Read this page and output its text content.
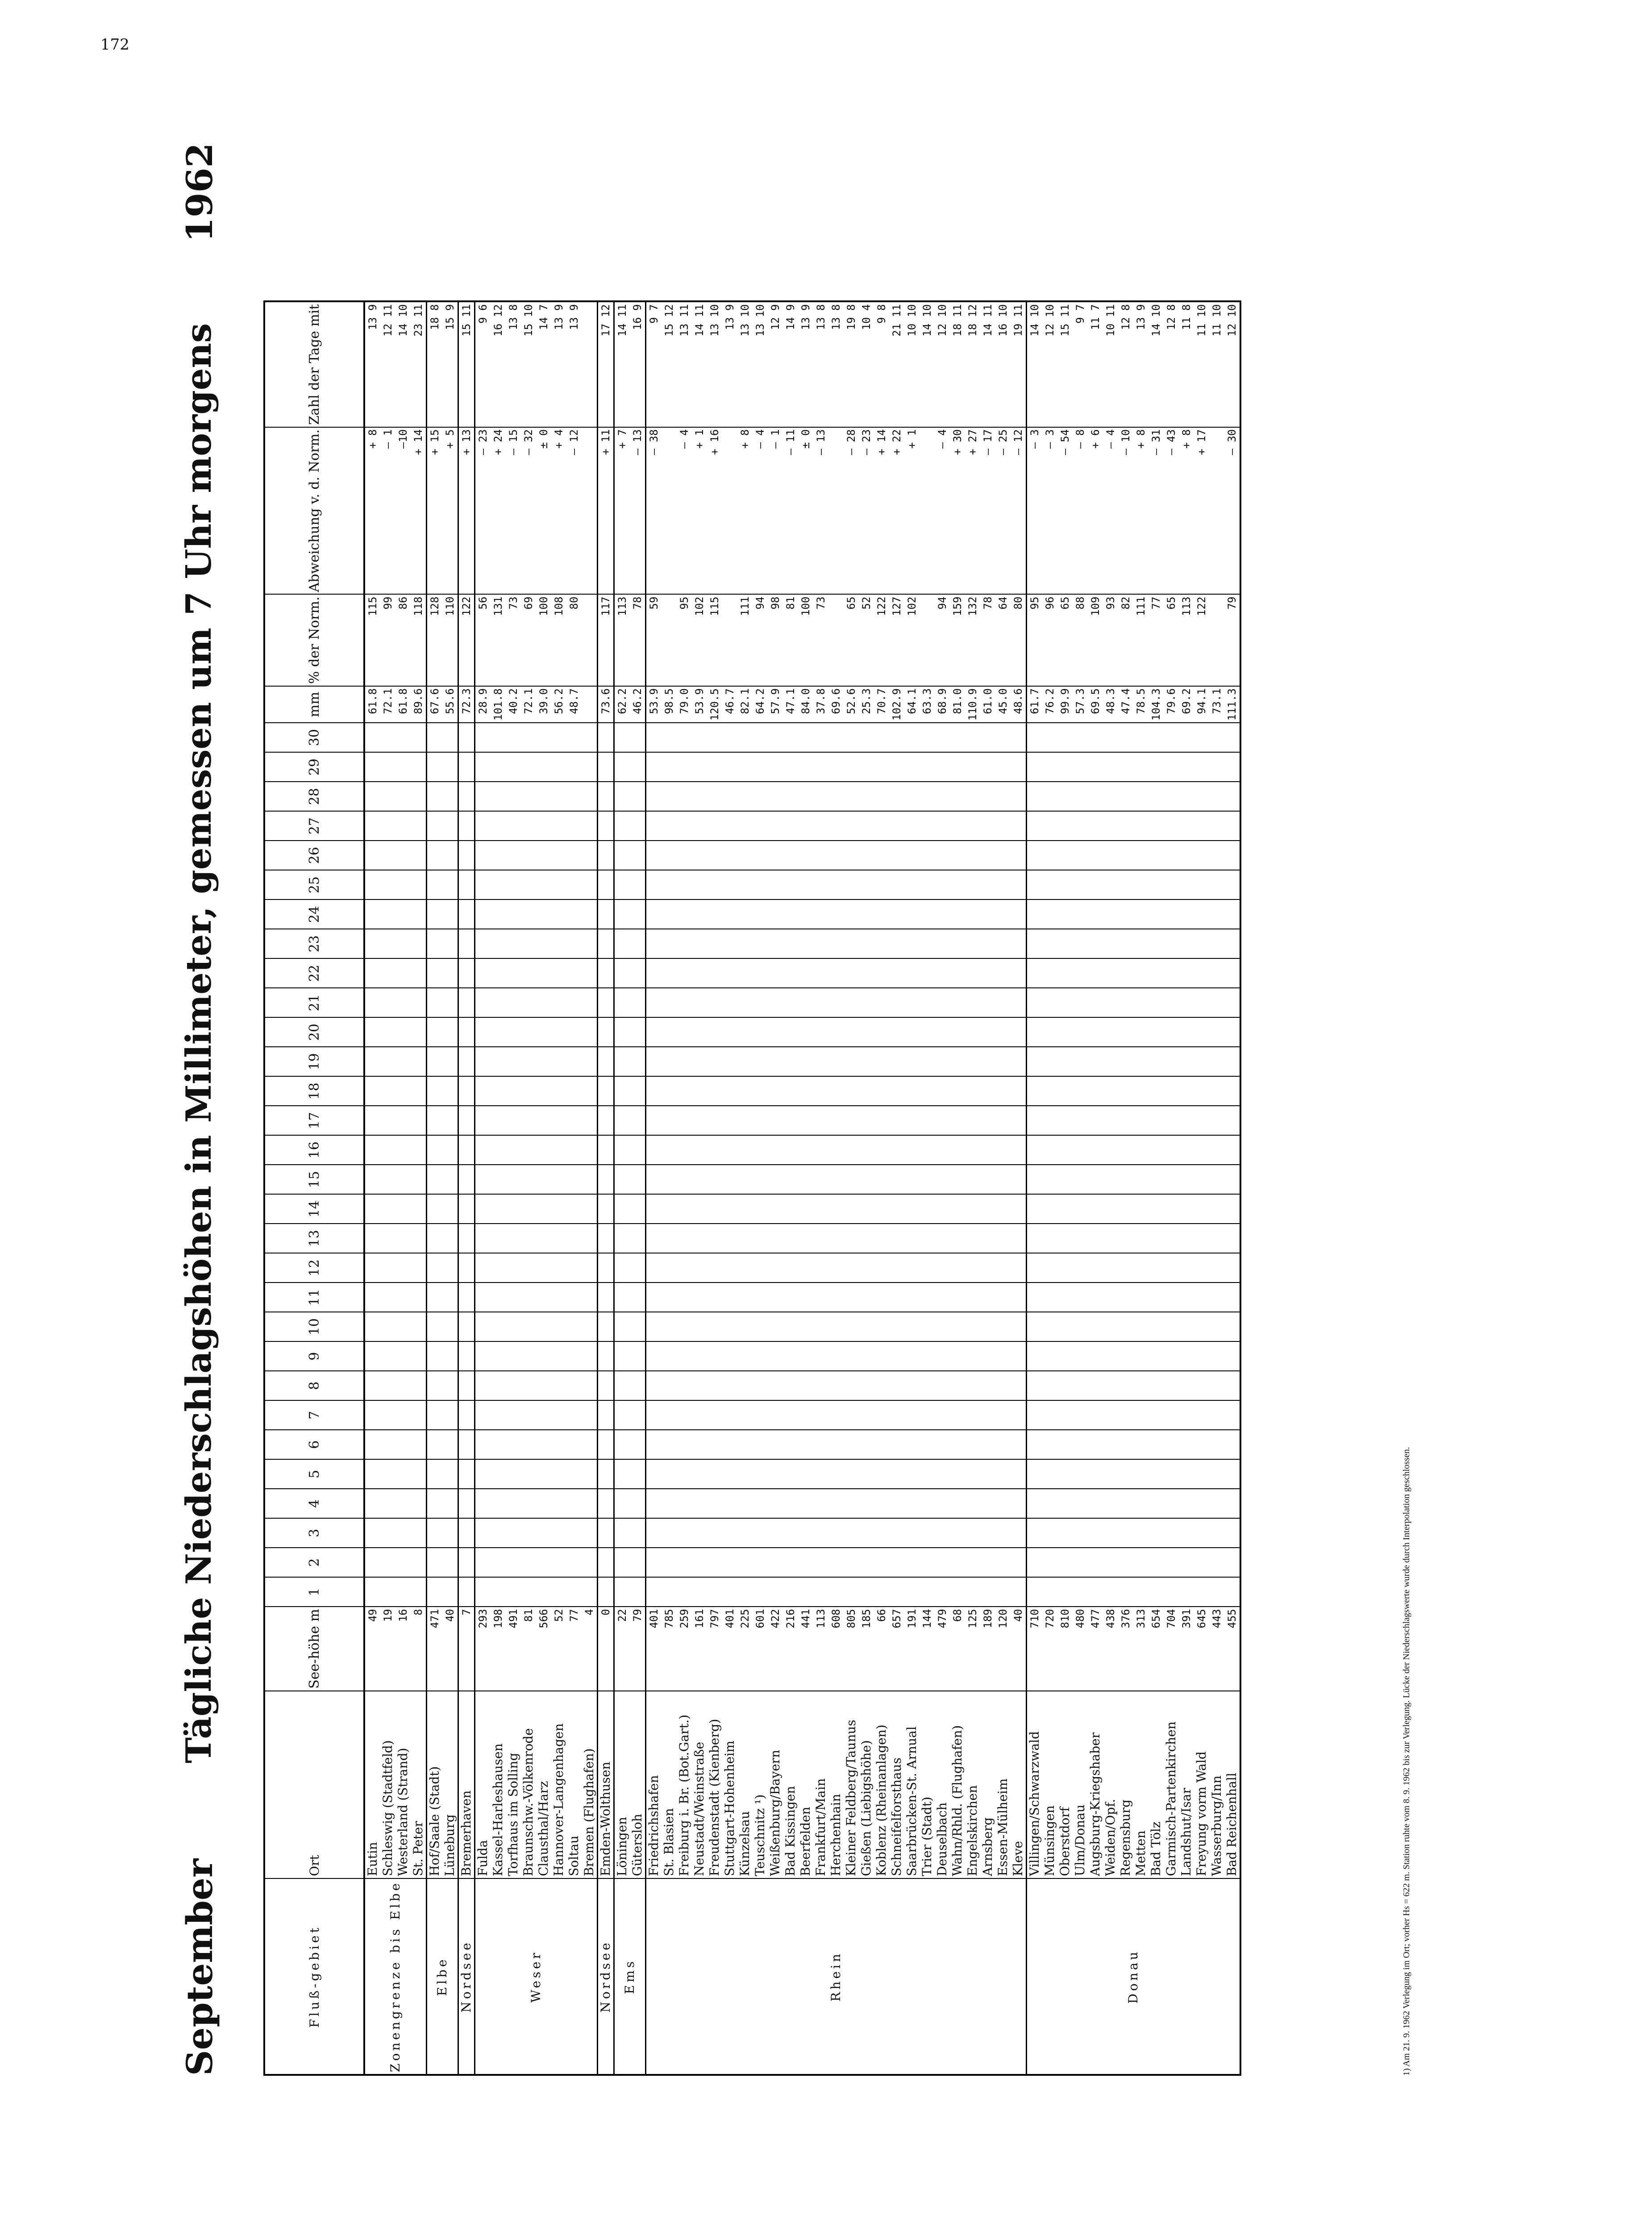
172
September
Tägliche Niederschlagshöhen in Millimeter, gemessen um 7 Uhr morgens
1962
Fluß-gebiet	Ort	See-höhe m	1	2	3	4	5	6	7	8	9	10	11	12	13	14	15	16	17	18	19	20	21	22	23	24	25	26	27	28	29	30	mm	% der Norm.	Abweichung v. d. Norm.	Zahl der Tage mit
Zonengrenze bis Elbe	Eutin	49																															61.8	115	+ 8	13 9
	Schleswig (Stadtfeld)	19																															72.1	99	– 1	12 11
	Westerland (Strand)	16																															61.8	86	–10	14 10
	St. Peter	8																															89.6	118	+ 14	23 11
Elbe	Hof/Saale (Stadt)	471																															67.6	128	+ 15	18 8
	Lüneburg	40																															55.6	110	+ 5	15 9
Nordsee	Bremerhaven	7																															72.3	122	+ 13	15 11
Weser	Fulda	293																															28.9	56	– 23	9 6
	Kassel-Harleshausen	198																															101.8	131	+ 24	16 12
	Torfhaus im Solling	491																															40.2	73	– 15	13 8
	Braunschw.-Völkenrode	81																															72.1	69	– 32	15 10
	Clausthal/Harz	566																															39.0	100	± 0	14 7
	Hannover-Langenhagen	52																															56.2	108	+ 4	13 9
	Soltau	77																															48.7	80	– 12	13 9
	Bremen (Flughafen)	4																																		
Nordsee	Emden-Wolthusen	0																															73.6	117	+ 11	17 12
Ems	Löningen	22																															62.2	113	+ 7	14 11
	Gütersloh	79																															46.2	78	– 13	16 9
Rhein	Friedrichshafen	401																															53.9	59	– 38	9 7
	St. Blasien	785																															98.5			15 12
	Freiburg i. Br. (Bot.Gart.)	259																															79.0	95	– 4	13 11
	Neustadt/Weinstraße	161																															53.9	102	+ 1	14 11
	Freudenstadt (Kienberg)	797																															120.5	115	+ 16	13 10
	Stuttgart-Hohenheim	401																															46.7			13 9
	Künzelsau	225																															82.1	111	+ 8	13 10
	Teuschnitz ¹)	601																															64.2	94	– 4	13 10
	Weißenburg/Bayern	422																															57.9	98	– 1	12 9
	Bad Kissingen	216																															47.1	81	– 11	14 9
	Beerfelden	441																															84.0	100	± 0	13 9
	Frankfurt/Main	113																															37.8	73	– 13	13 8
	Herchenhain	608																															69.6			13 8
	Kleiner Feldberg/Taunus	805																															52.6	65	– 28	19 8
	Gießen (Liebigshöhe)	185																															25.3	52	– 23	10 4
	Koblenz (Rheinanlagen)	66																															70.7	122	+ 14	9 8
	Schneifelforsthaus	657																															102.9	127	+ 22	21 11
	Saarbrücken-St. Arnual	191																															64.1	102	+ 1	10 10
	Trier (Stadt)	144																															63.3			14 10
	Deuselbach	479																															68.9	94	– 4	12 10
	Wahn/Rhld. (Flughafen)	68																															81.0	159	+ 30	18 11
	Engelskirchen	125																															110.9	132	+ 27	18 12
	Arnsberg	189																															61.0	78	– 17	14 11
	Essen-Mülheim	120																															45.0	64	– 25	16 10
	Kleve	40																															48.6	80	– 12	19 11
Donau	Villingen/Schwarzwald	710																															61.7	95	– 3	14 10
	Münsingen	720																															76.2	96	– 3	12 10
	Oberstdorf	810																															99.9	65	– 54	15 11
	Ulm/Donau	480																															57.3	88	– 8	9 7
	Augsburg-Kriegshaber	477																															69.5	109	+ 6	11 7
	Weiden/Opf.	438																															48.3	93	– 4	10 11
	Regensburg	376																															47.4	82	– 10	12 8
	Metten	313																															78.5	111	+ 8	13 9
	Bad Tölz	654																															104.3	77	– 31	14 10
	Garmisch-Partenkirchen	704																															79.6	65	– 43	12 8
	Landshut/Isar	391																															69.2	113	+ 8	11 8
	Freyung vorm Wald	645																															94.1	122	+ 17	11 10
	Wasserburg/Inn	443																															73.1			11 10
	Bad Reichenhall	455																															111.3	79	– 30	12 10
1) Am 21. 9. 1962 Verlegung im Ort; vorher Hs = 622 m. Station ruhte vom 8. 9. 1962 bis zur Verlegung. Lücke der Niederschlagswerte wurde durch Interpolation geschlossen.
